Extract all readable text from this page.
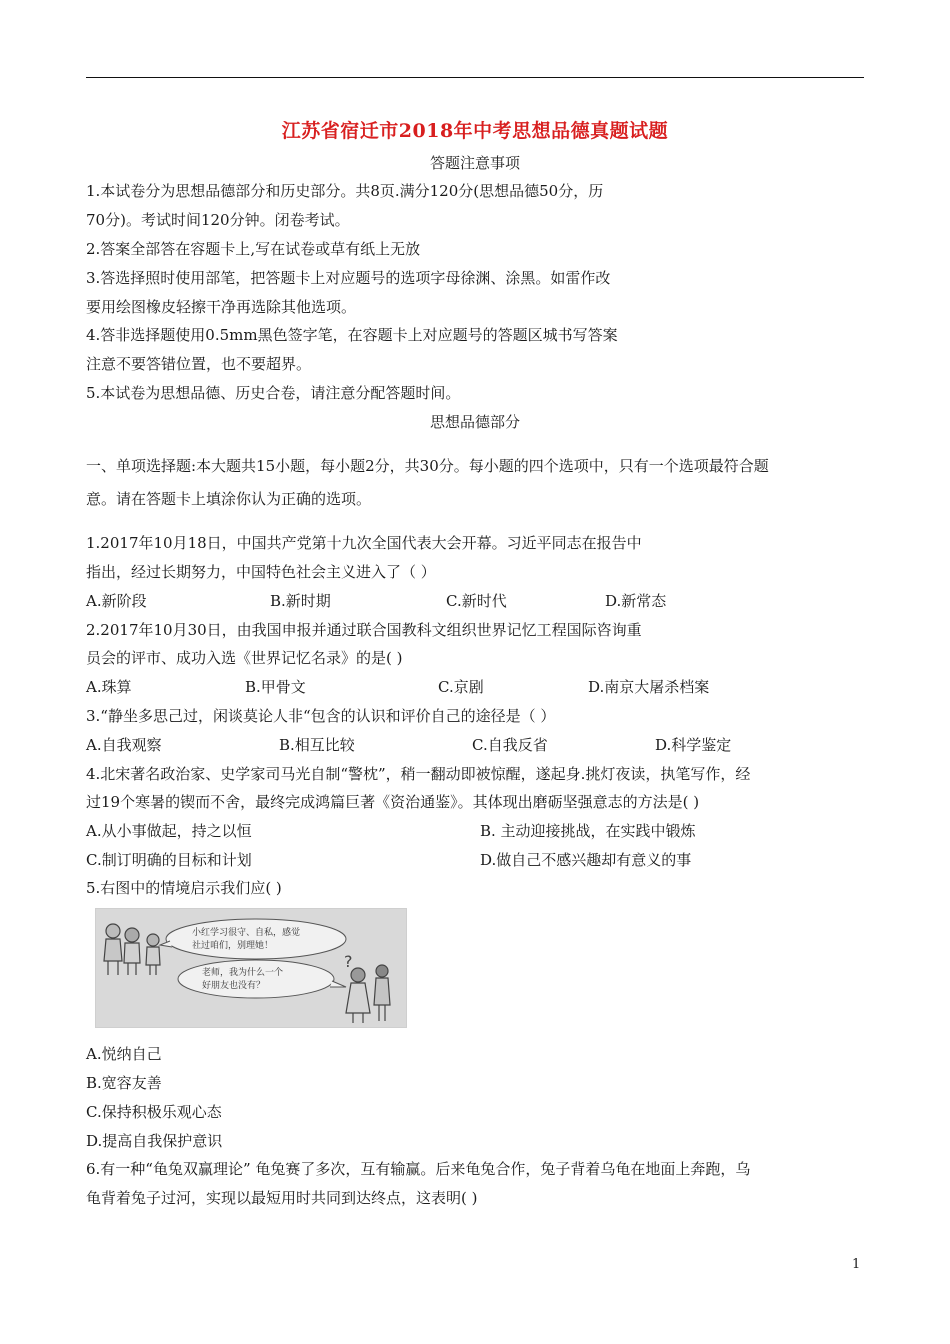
江苏省宿迁市2018年中考思想品德真题试题
答题注意事项
1.本试卷分为思想品德部分和历史部分。共8页.满分120分(思想品德50分，历
70分)。考试时间120分钟。闭卷考试。
2.答案全部答在容题卡上,写在试卷或草有纸上无放
3.答选择照时使用部笔，把答题卡上对应题号的选项字母徐渊、涂黑。如雷作改
要用绘图橡皮轻擦干净再选除其他选项。
4.答非选择题使用0.5mm黑色签字笔，在容题卡上对应题号的答题区城书写答案
注意不要答错位置，也不要超界。
5.本试卷为思想品德、历史合卷，请注意分配答题时间。
思想品德部分
一、单项选择题:本大题共15小题，每小题2分，共30分。每小题的四个选项中，只有一个选项最符合题
意。请在答题卡上填涂你认为正确的选项。
1.2017年10月18日，中国共产党第十九次全国代表大会开幕。习近平同志在报告中
指出，经过长期努力，中国特色社会主义进入了（ ）
A.新阶段	B.新时期	C.新时代	D.新常态
2.2017年10月30日，由我国申报并通过联合国教科文组织世界记忆工程国际咨询重
员会的评市、成功入选《世界记忆名录》的是( )
A.珠算	B.甲骨文	C.京剧	D.南京大屠杀档案
3.“静坐多思己过，闲谈莫论人非“包含的认识和评价自己的途径是（ ）
A.自我观察	B.相互比较	C.自我反省	D.科学鉴定
4.北宋著名政治家、史学家司马光自制“警枕”，稍一翻动即被惊醒，遂起身.挑灯夜读，执笔写作，经
过19个寒暑的锲而不舍，最终完成鸿篇巨著《资治通鉴》。其体现出磨砺坚强意志的方法是( )
A.从小事做起，持之以恒	B. 主动迎接挑战，在实践中锻炼
C.制订明确的目标和计划	D.做自己不感兴趣却有意义的事
5.右图中的情境启示我们应( )
小红学习很守、自私，感觉
社过咱们，别理她！
?
老师，我为什么一个
好朋友也没有？
A.悦纳自己
B.宽容友善
C.保持积极乐观心态
D.提高自我保护意识
6.有一种“龟兔双赢理论” 龟兔赛了多次，互有输赢。后来龟兔合作，兔子背着乌龟在地面上奔跑，乌
龟背着兔子过河，实现以最短用时共同到达终点，这表明( )
1
